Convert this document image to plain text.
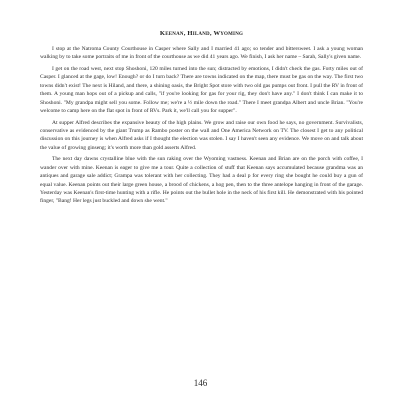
Keenan, Hiland, Wyoming

I stop at the Natroma County Courthouse in Casper where Sally and I married 41 ago; so tender and bittersweet. I ask a young woman walking by to take some portraits of me in front of the courthouse as we did 41 years ago. We finish, I ask her name – Sarah, Sally's given name.

I get on the road west, next stop Shoshoni, 120 miles turned into the sun; distracted by emotions, I didn't check the gas. Forty miles out of Casper. I glanced at the gage, low! Enough? or do I turn back? There are towns indicated on the map, there must be gas on the way. The first two towns didn't exist! The next is Hiland, and there, a shining oasis, the Bright Spot store with two old gas pumps out front. I pull the RV in front of them. A young man hops out of a pickup and calls, "if you're looking for gas for your rig, they don't have any." I don't think I can make it to Shoshoni. "My grandpa might sell you some. Follow me; we're a ½ mile down the road." There I meet grandpa Albert and uncle Brian. "You're welcome to camp here on the flat spot in front of RVs. Park it, we'll call you for supper".

At supper Alfred describes the expansive beauty of the high plains. We grow and raise our own food he says, no government. Survivalists, conservative as evidenced by the giant Trump as Rambo poster on the wall and One America Network on TV. The closest I get to any political discussion on this journey is when Alfred asks if I thought the election was stolen. I say I haven't seen any evidence. We move on and talk about the value of growing ginseng; it's worth more than gold asserts Alfred.

The next day dawns crystalline blue with the sun raking over the Wyoming vastness. Keenan and Brian are on the porch with coffee, I wander over with mine. Keenan is eager to give me a tour. Quite a collection of stuff that Keenan says accumulated because grandma was an antiques and garage sale addict; Grampa was tolerant with her collecting. They had a deal p for every ring she bought he could buy a gun of equal value. Keenan points out their large green house, a brood of chickens, a hog pen, then to the three antelope hanging in front of the garage. Yesterday was Keenan's first-time hunting with a rifle. He points out the bullet hole in the neck of his first kill. He demonstrated with his pointed finger, "Bang! Her legs just buckled and down she went."

146
